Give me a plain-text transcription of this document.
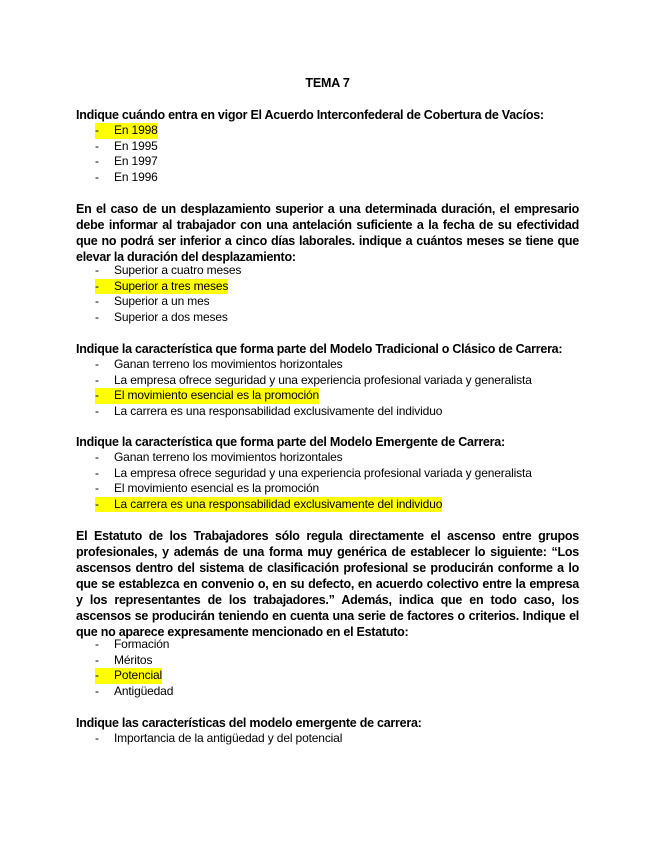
TEMA 7
Indique cuándo entra en vigor El Acuerdo Interconfederal de Cobertura de Vacíos:
-	En 1998
- En 1995
- En 1997
- En 1996
En el caso de un desplazamiento superior a una determinada duración, el empresario debe informar al trabajador con una antelación suficiente a la fecha de su efectividad que no podrá ser inferior a cinco días laborales. indique a cuántos meses se tiene que elevar la duración del desplazamiento:
- Superior a cuatro meses
-	Superior a tres meses
- Superior a un mes
- Superior a dos meses
Indique la característica que forma parte del Modelo Tradicional o Clásico de Carrera:
- Ganan terreno los movimientos horizontales
- La empresa ofrece seguridad y una experiencia profesional variada y generalista
-	El movimiento esencial es la promoción
- La carrera es una responsabilidad exclusivamente del individuo
Indique la característica que forma parte del Modelo Emergente de Carrera:
- Ganan terreno los movimientos horizontales
- La empresa ofrece seguridad y una experiencia profesional variada y generalista
- El movimiento esencial es la promoción
-	La carrera es una responsabilidad exclusivamente del individuo
El Estatuto de los Trabajadores sólo regula directamente el ascenso entre grupos profesionales, y además de una forma muy genérica de establecer lo siguiente: “Los ascensos dentro del sistema de clasificación profesional se producirán conforme a lo que se establezca en convenio o, en su defecto, en acuerdo colectivo entre la empresa y los representantes de los trabajadores.” Además, indica que en todo caso, los ascensos se producirán teniendo en cuenta una serie de factores o criterios. Indique el que no aparece expresamente mencionado en el Estatuto:
- Formación
- Méritos
-	Potencial
- Antigüedad
Indique las características del modelo emergente de carrera:
- Importancia de la antigüedad y del potencial
